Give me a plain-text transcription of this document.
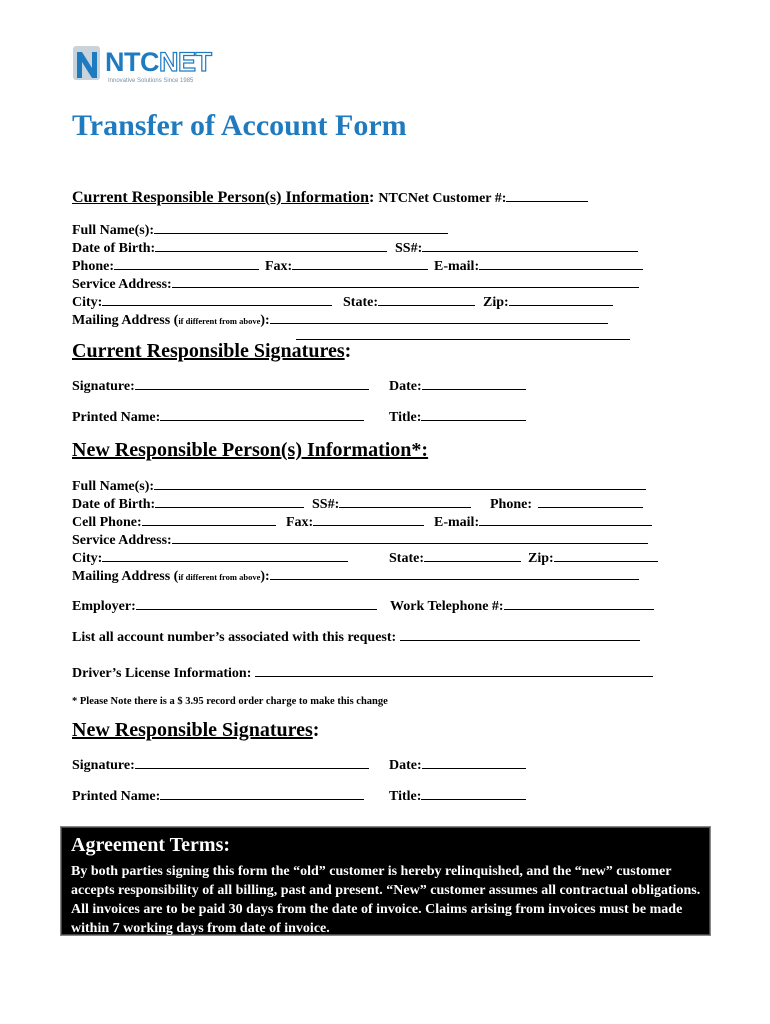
NTCNET
Innovative Solutions Since 1985
Transfer of Account Form
Current Responsible Person(s) Information: NTCNet Customer #:
Full Name(s):
Date of Birth:	SS#:
Phone:	Fax:	E-mail:
Service Address:
City:	State:	Zip:
Mailing Address (if different from above):
Current Responsible Signatures:
Signature:	Date:
Printed Name:	Title:
New Responsible Person(s) Information*:
Full Name(s):
Date of Birth:	SS#:	Phone:
Cell Phone:	Fax:	E-mail:
Service Address:
City:	State:	Zip:
Mailing Address (if different from above):
Employer:	Work Telephone #:
List all account number’s associated with this request:
Driver’s License Information:
* Please Note there is a $ 3.95 record order charge to make this change
New Responsible Signatures:
Signature:	Date:
Printed Name:	Title:
Agreement Terms:
By both parties signing this form the “old” customer is hereby relinquished, and the “new” customer accepts responsibility of all billing, past and present. “New” customer assumes all contractual obligations. All invoices are to be paid 30 days from the date of invoice. Claims arising from invoices must be made within 7 working days from date of invoice.
